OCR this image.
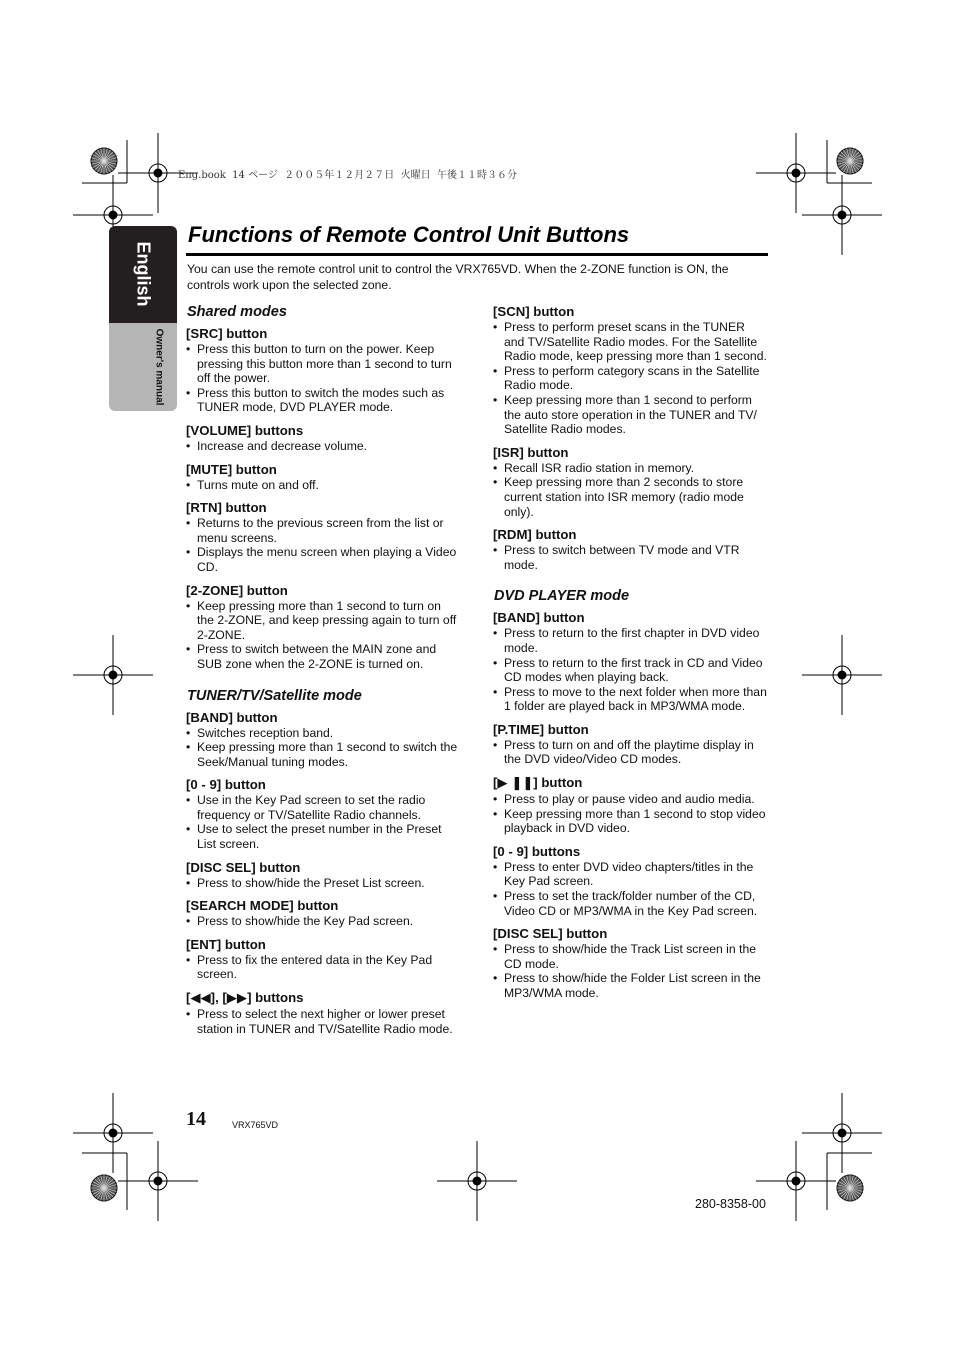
Eng.book  14 ページ  ２００５年１２月２７日  火曜日  午後１１時３６分
English
Owner's manual
Functions of Remote Control Unit Buttons
You can use the remote control unit to control the VRX765VD. When the 2-ZONE function is ON, the controls work upon the selected zone.
Shared modes
[SRC] button
• Press this button to turn on the power. Keep pressing this button more than 1 second to turn off the power.
• Press this button to switch the modes such as TUNER mode, DVD PLAYER mode.
[VOLUME] buttons
• Increase and decrease volume.
[MUTE] button
• Turns mute on and off.
[RTN] button
• Returns to the previous screen from the list or menu screens.
• Displays the menu screen when playing a Video CD.
[2-ZONE] button
• Keep pressing more than 1 second to turn on the 2-ZONE, and keep pressing again to turn off 2-ZONE.
• Press to switch between the MAIN zone and SUB zone when the 2-ZONE is turned on.
TUNER/TV/Satellite mode
[BAND] button
• Switches reception band.
• Keep pressing more than 1 second to switch the Seek/Manual tuning modes.
[0 - 9] button
• Use in the Key Pad screen to set the radio frequency or TV/Satellite Radio channels.
• Use to select the preset number in the Preset List screen.
[DISC SEL] button
• Press to show/hide the Preset List screen.
[SEARCH MODE] button
• Press to show/hide the Key Pad screen.
[ENT] button
• Press to fix the entered data in the Key Pad screen.
[◀◀], [▶▶] buttons
• Press to select the next higher or lower preset station in TUNER and TV/Satellite Radio mode.
[SCN] button
• Press to perform preset scans in the TUNER and TV/Satellite Radio modes. For the Satellite Radio mode, keep pressing more than 1 second.
• Press to perform category scans in the Satellite Radio mode.
• Keep pressing more than 1 second to perform the auto store operation in the TUNER and TV/ Satellite Radio modes.
[ISR] button
• Recall ISR radio station in memory.
• Keep pressing more than 2 seconds to store current station into ISR memory (radio mode only).
[RDM] button
• Press to switch between TV mode and VTR mode.
DVD PLAYER mode
[BAND] button
• Press to return to the first chapter in DVD video mode.
• Press to return to the first track in CD and Video CD modes when playing back.
• Press to move to the next folder when more than 1 folder are played back in MP3/WMA mode.
[P.TIME] button
• Press to turn on and off the playtime display in the DVD video/Video CD modes.
[▶ ❚❚] button
• Press to play or pause video and audio media.
• Keep pressing more than 1 second to stop video playback in DVD video.
[0 - 9] buttons
• Press to enter DVD video chapters/titles in the Key Pad screen.
• Press to set the track/folder number of the CD, Video CD or MP3/WMA in the Key Pad screen.
[DISC SEL] button
• Press to show/hide the Track List screen in the CD mode.
• Press to show/hide the Folder List screen in the MP3/WMA mode.
14	VRX765VD
280-8358-00
